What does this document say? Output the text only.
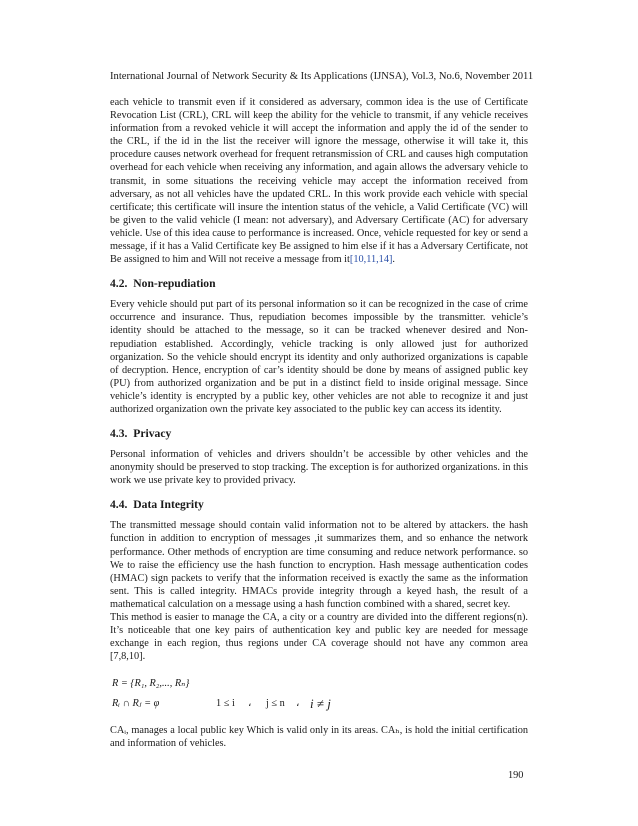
International Journal of Network Security & Its Applications (IJNSA), Vol.3, No.6, November 2011

each vehicle to transmit even if it considered as adversary, common idea is the use of Certificate Revocation List (CRL), CRL will keep the ability for the vehicle to transmit, if any vehicle receives information from a revoked vehicle it will accept the information and apply the id of the sender to the CRL, if the id in the list the receiver will ignore the message, otherwise it will take it, this procedure causes network overhead for frequent retransmission of CRL and causes high computation overhead for each vehicle when receiving any information, and again allows the adversary vehicle to transmit, in some situations the receiving vehicle may accept the information received from adversary, as not all vehicles have the updated CRL. In this work provide each vehicle with special certificate; this certificate will insure the intention status of the vehicle, a Valid Certificate (VC) will be given to the valid vehicle (I mean: not adversary), and Adversary Certificate (AC) for adversary vehicle. Use of this idea cause to performance is increased. Once, vehicle requested for key or send a message, if it has a Valid Certificate key Be assigned to him else if it has a Adversary Certificate, not Be assigned to him and Will not receive a message from it[10,11,14].

4.2. Non-repudiation

Every vehicle should put part of its personal information so it can be recognized in the case of crime occurrence and insurance. Thus, repudiation becomes impossible by the transmitter. vehicle’s identity should be attached to the message, so it can be tracked whenever desired and Non-repudiation established. Accordingly, vehicle tracking is only allowed just for authorized organization. So the vehicle should encrypt its identity and only authorized organizations is capable of decryption. Hence, encryption of car’s identity should be done by means of assigned public key (PU) from authorized organization and be put in a distinct field to inside original message. Since vehicle’s identity is encrypted by a public key, other vehicles are not able to recognize it and just authorized organization own the private key associated to the public key can access its identity.

4.3. Privacy

Personal information of vehicles and drivers shouldn’t be accessible by other vehicles and the anonymity should be preserved to stop tracking. The exception is for authorized organizations. in this work we use private key to provided privacy.

4.4. Data Integrity

The transmitted message should contain valid information not to be altered by attackers. the hash function in addition to encryption of messages ,it summarizes them, and so enhance the network performance. Other methods of encryption are time consuming and reduce network performance. so We to raise the efficiency use the hash function to encryption. Hash message authentication codes (HMAC) sign packets to verify that the information received is exactly the same as the information sent. This is called integrity. HMACs provide integrity through a keyed hash, the result of a mathematical calculation on a message using a hash function combined with a shared, secret key.

This method is easier to manage the CA, a city or a country are divided into the different regions(n). It’s noticeable that one key pairs of authentication key and public key are needed for message exchange in each region, thus regions under CA coverage should not have any common area [7,8,10].

R = {R₁, R₂,..., Rₙ}
Rᵢ ∩ Rⱼ = φ	1 ≤ i ، j ≤ n ، i ≠ j

CAᵢ, manages a local public key Which is valid only in its areas. CAₕ, is hold the initial certification and information of vehicles.

190
